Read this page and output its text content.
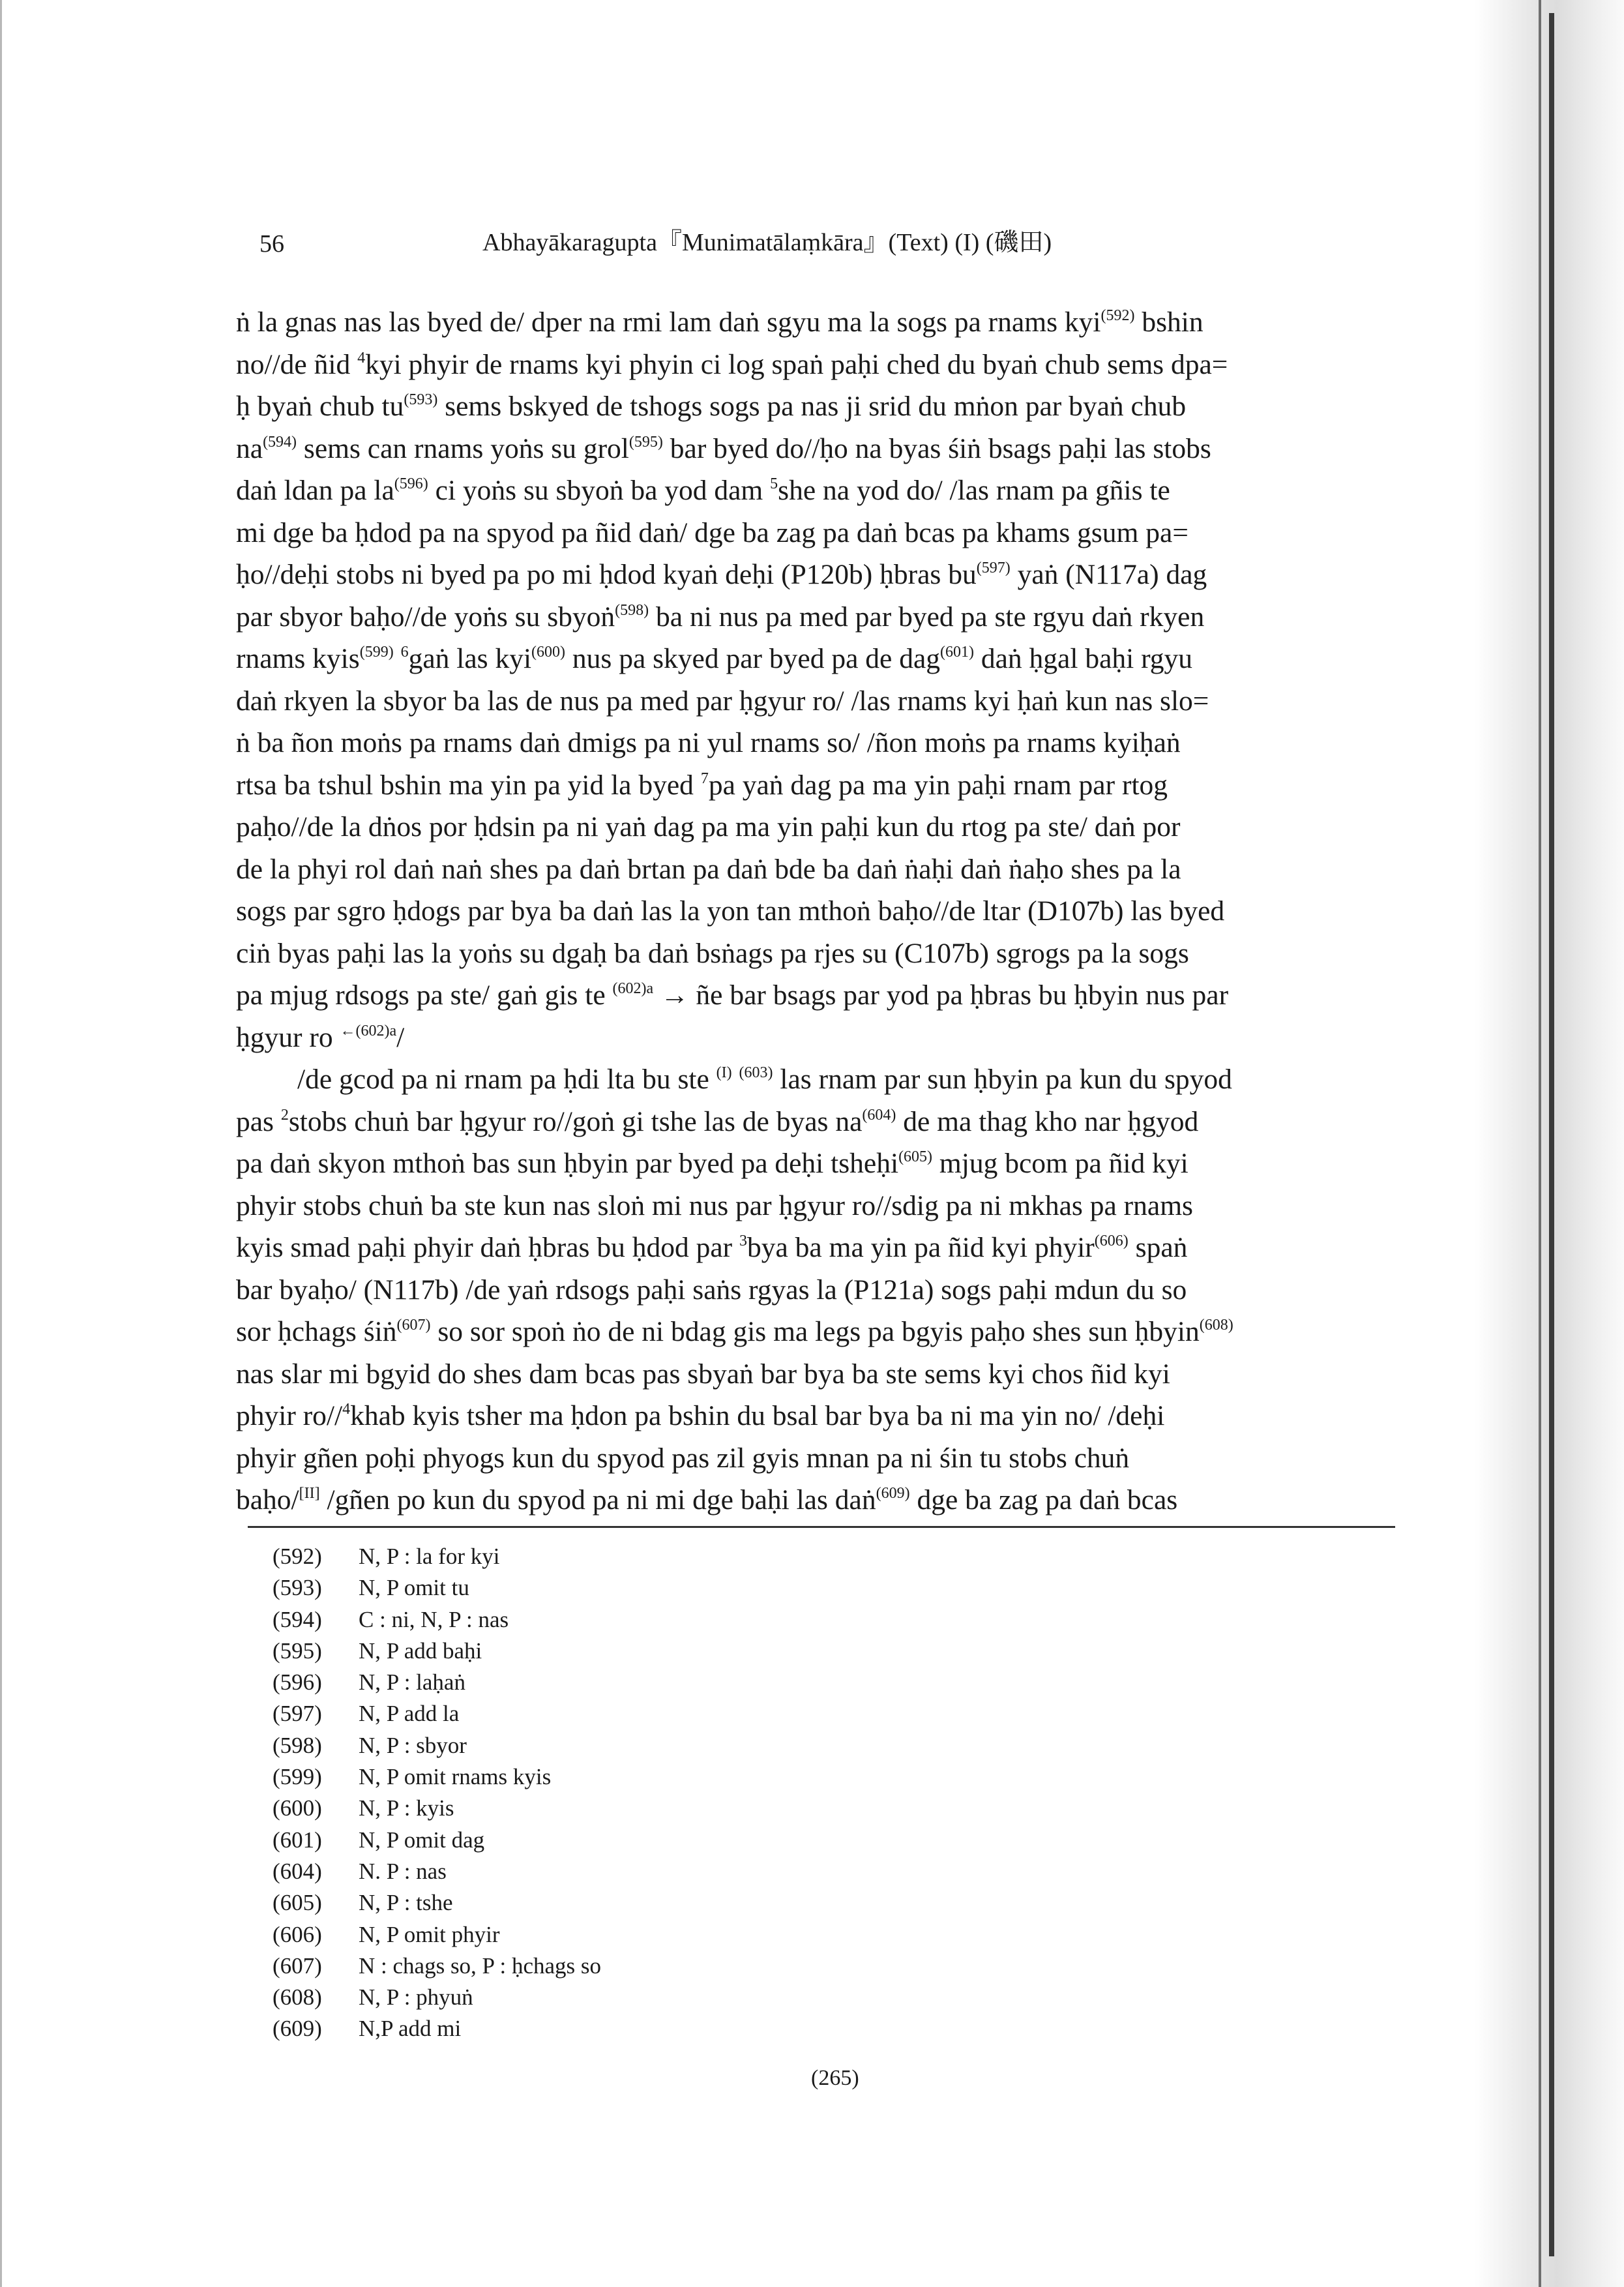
56	Abhayākaragupta『Munimatālaṃkāra』(Text) (I) (磯田)
ṅ la gnas nas las byed de/ dper na rmi lam daṅ sgyu ma la sogs pa rnams kyi$^{(592)}$ bshin
no//de ñid $^4$kyi phyir de rnams kyi phyin ci log spaṅ paḥi ched du byaṅ chub sems dpa=
ḥ byaṅ chub $tu^{(593)}$ sems bskyed de tshogs sogs pa nas ji srid du mṅon par byaṅ chub
$na^{(594)}$ sems can rnams yoṅs su grol$^{(595)}$ bar byed do//ḥo na byas śiṅ bsags paḥi las stobs
daṅ ldan pa $la^{(596)}$ ci yoṅs su sbyoṅ ba yod dam $^5$she na yod do/ /las rnam pa gñis te
mi dge ba ḥdod pa na spyod pa ñid daṅ/ dge ba zag pa daṅ bcas pa khams gsum pa=
ḥo//deḥi stobs ni byed pa po mi ḥdod kyaṅ deḥi (P120b) ḥbras $bu^{(597)}$ yaṅ (N117a) dag
par sbyor baḥo//de yoṅs su sbyoṅ$^{(598)}$ ba ni nus pa med par byed pa ste rgyu daṅ rkyen
rnams kyis$^{(599)}$ $^6$gaṅ las kyi$^{(600)}$ nus pa skyed par byed pa de dag$^{(601)}$ daṅ ḥgal baḥi rgyu
daṅ rkyen la sbyor ba las de nus pa med par ḥgyur ro/ /las rnams kyi ḥaṅ kun nas slo=
ṅ ba ñon moṅs pa rnams daṅ dmigs pa ni yul rnams so/ /ñon moṅs pa rnams kyiḥaṅ
rtsa ba tshul bshin ma yin pa yid la byed $^7$pa yaṅ dag pa ma yin paḥi rnam par rtog
paḥo//de la dṅos por ḥdsin pa ni yaṅ dag pa ma yin paḥi kun du rtog pa ste/ daṅ por
de la phyi rol daṅ naṅ shes pa daṅ brtan pa daṅ bde ba daṅ ṅaḥi daṅ ṅaḥo shes pa la
sogs par sgro ḥdogs par bya ba daṅ las la yon tan mthoṅ baḥo//de ltar (D107b) las byed
ciṅ byas paḥi las la yoṅs su dgaḥ ba daṅ bsṅags pa rjes su (C107b) sgrogs pa la sogs
pa mjug rdsogs pa ste/ gaṅ gis te $^{(602)a}$ → ñe bar bsags par yod pa ḥbras bu ḥbyin nus par
ḥgyur ro $^{\leftarrow(602)a}$/
/de gcod pa ni rnam pa ḥdi lta bu ste $^{(I)}$ $^{(603)}$ las rnam par sun ḥbyin pa kun du spyod
pas $^2$stobs chuṅ bar ḥgyur ro//goṅ gi tshe las de byas $na^{(604)}$ de ma thag kho nar ḥgyod
pa daṅ skyon mthoṅ bas sun ḥbyin par byed pa deḥi tsheḥi$^{(605)}$ mjug bcom pa ñid kyi
phyir stobs chuṅ ba ste kun nas sloṅ mi nus par ḥgyur ro//sdig pa ni mkhas pa rnams
kyis smad paḥi phyir daṅ ḥbras bu ḥdod par $^3$bya ba ma yin pa ñid kyi phyir$^{(606)}$ spaṅ
bar byaḥo/ (N117b) /de yaṅ rdsogs paḥi saṅs rgyas la (P121a) sogs paḥi mdun du so
sor ḥchags śiṅ$^{(607)}$ so sor spoṅ ṅo de ni bdag gis ma legs pa bgyis paḥo shes sun ḥbyin$^{(608)}$
nas slar mi bgyid do shes dam bcas pas sbyaṅ bar bya ba ste sems kyi chos ñid kyi
phyir ro//$^4$khab kyis tsher ma ḥdon pa bshin du bsal bar bya ba ni ma yin no/ /deḥi
phyir gñen poḥi phyogs kun du spyod pas zil gyis mnan pa ni śin tu stobs chuṅ
baḥo/[II] /gñen po kun du spyod pa ni mi dge baḥi las daṅ$^{(609)}$ dge ba zag pa daṅ bcas
(592) N, P : la for kyi
(593) N, P omit tu
(594) C : ni, N, P : nas
(595) N, P add baḥi
(596) N, P : laḥaṅ
(597) N, P add la
(598) N, P : sbyor
(599) N, P omit rnams kyis
(600) N, P : kyis
(601) N, P omit dag
(604) N. P : nas
(605) N, P : tshe
(606) N, P omit phyir
(607) N : chags so, P : ḥchags so
(608) N, P : phyuṅ
(609) N,P add mi
(265)
